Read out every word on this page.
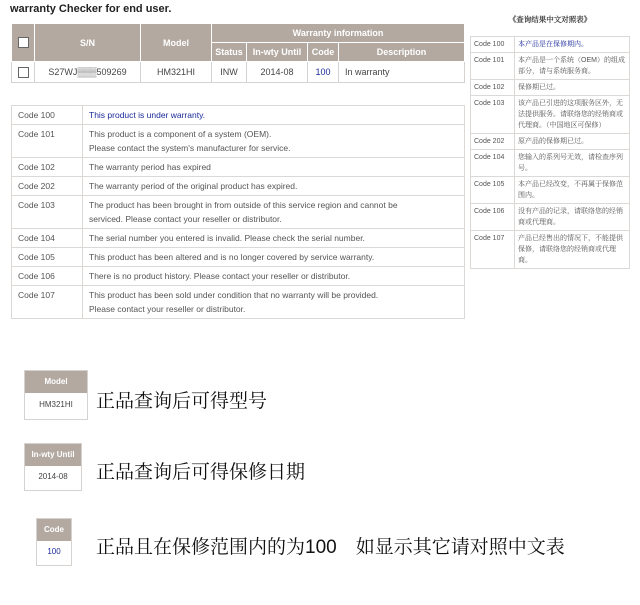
warranty Checker for end user.
	S/N	Model	Warranty information			
			Status	In-wty Until	Code	Description
	S27WJ▒▒▒509269	HM321HI	INW	2014-08	100	In warranty
Code 100	This product is under warranty.
Code 101	This product is a component of a system (OEM).
Please contact the system's manufacturer for service.

Code 102	The warranty period has expired
Code 202	The warranty period of the original product has expired.
Code 103	The product has been brought in from outside of this service region and cannot be
serviced. Please contact your reseller or distributor.

Code 104	The serial number you entered is invalid. Please check the serial number.
Code 105	This product has been altered and is no longer covered by service warranty.
Code 106	There is no product history. Please contact your reseller or distributor.
Code 107	This product has been sold under condition that no warranty will be provided.
Please contact your reseller or distributor.
《查询结果中文对照表》
Code 100	本产品是在保修期内。
Code 101	本产品是一个系统（OEM）的组成部分，请与系统服务商。
Code 102	保修期已过。
Code 103	该产品已引进的这项服务区外，无法提供服务。请联络您的经销商或代理商。（中国地区可保修）
Code 202	原产品的保修期已过。
Code 104	您输入的系列号无效，请检查序列号。
Code 105	本产品已经改变，不再属于保修范围内。
Code 106	没有产品的记录，请联络您的经销商或代理商。
Code 107	产品已经售出的情况下，不能提供保修，请联络您的经销商或代理商。
Model
HM321HI	正品查询后可得型号
In-wty Until
2014-08	正品查询后可得保修日期
Code
100	正品且在保修范围内的为100　如显示其它请对照中文表
